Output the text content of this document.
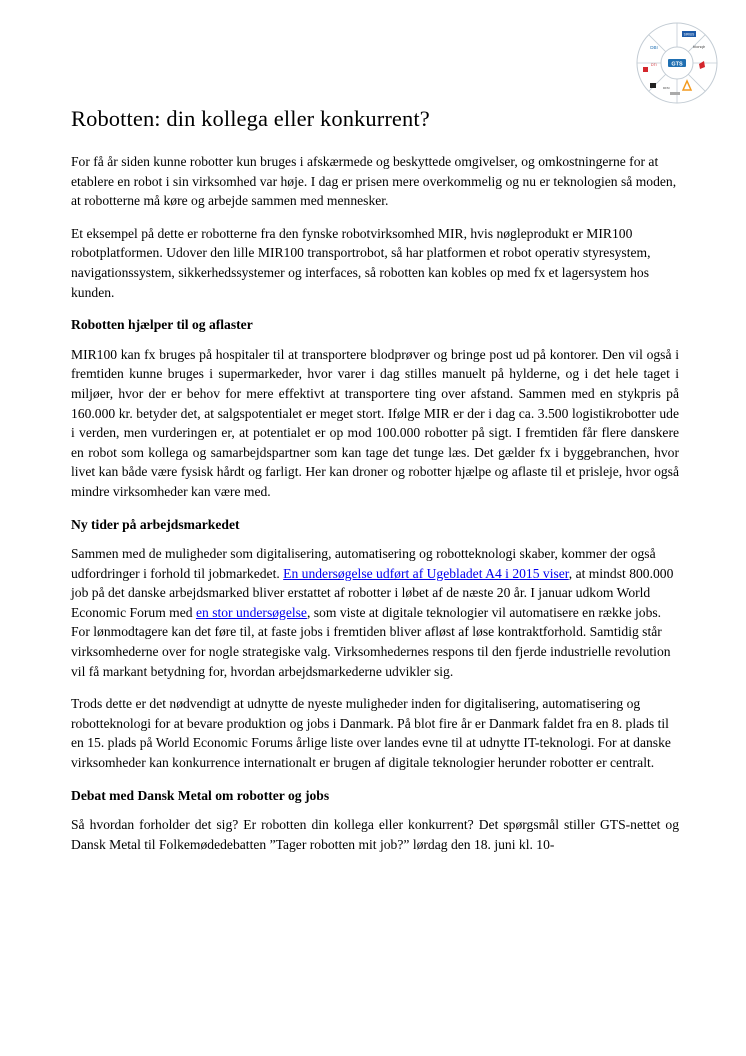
GTS
SIRIUS
blonqlr
DBI
DTI
DFM
Robotten: din kollega eller konkurrent?

For få år siden kunne robotter kun bruges i afskærmede og beskyttede omgivelser, og omkostningerne for at etablere en robot i sin virksomhed var høje. I dag er prisen mere overkommelig og nu er teknologien så moden, at robotterne må køre og arbejde sammen med mennesker.

Et eksempel på dette er robotterne fra den fynske robotvirksomhed MIR, hvis nøgleprodukt er MIR100 robotplatformen. Udover den lille MIR100 transportrobot, så har platformen et robot operativ styresystem, navigationssystem, sikkerhedssystemer og interfaces, så robotten kan kobles op med fx et lagersystem hos kunden.

Robotten hjælper til og aflaster

MIR100 kan fx bruges på hospitaler til at transportere blodprøver og bringe post ud på kontorer. Den vil også i fremtiden kunne bruges i supermarkeder, hvor varer i dag stilles manuelt på hylderne, og i det hele taget i miljøer, hvor der er behov for mere effektivt at transportere ting over afstand. Sammen med en stykpris på 160.000 kr. betyder det, at salgspotentialet er meget stort. Ifølge MIR er der i dag ca. 3.500 logistikrobotter ude i verden, men vurderingen er, at potentialet er op mod 100.000 robotter på sigt. I fremtiden får flere danskere en robot som kollega og samarbejdspartner som kan tage det tunge læs. Det gælder fx i byggebranchen, hvor livet kan både være fysisk hårdt og farligt. Her kan droner og robotter hjælpe og aflaste til et prisleje, hvor også mindre virksomheder kan være med.

Ny tider på arbejdsmarkedet

Sammen med de muligheder som digitalisering, automatisering og robotteknologi skaber, kommer der også udfordringer i forhold til jobmarkedet. En undersøgelse udført af Ugebladet A4 i 2015 viser, at mindst 800.000 job på det danske arbejdsmarked bliver erstattet af robotter i løbet af de næste 20 år. I januar udkom World Economic Forum med en stor undersøgelse, som viste at digitale teknologier vil automatisere en række jobs. For lønmodtagere kan det føre til, at faste jobs i fremtiden bliver afløst af løse kontraktforhold. Samtidig står virksomhederne over for nogle strategiske valg. Virksomhedernes respons til den fjerde industrielle revolution vil få markant betydning for, hvordan arbejdsmarkederne udvikler sig.

Trods dette er det nødvendigt at udnytte de nyeste muligheder inden for digitalisering, automatisering og robotteknologi for at bevare produktion og jobs i Danmark. På blot fire år er Danmark faldet fra en 8. plads til en 15. plads på World Economic Forums årlige liste over landes evne til at udnytte IT-teknologi. For at danske virksomheder kan konkurrence internationalt er brugen af digitale teknologier herunder robotter er centralt.

Debat med Dansk Metal om robotter og jobs

Så hvordan forholder det sig? Er robotten din kollega eller konkurrent? Det spørgsmål stiller GTS-nettet og Dansk Metal til Folkemødedebatten ”Tager robotten mit job?” lørdag den 18. juni kl. 10-
